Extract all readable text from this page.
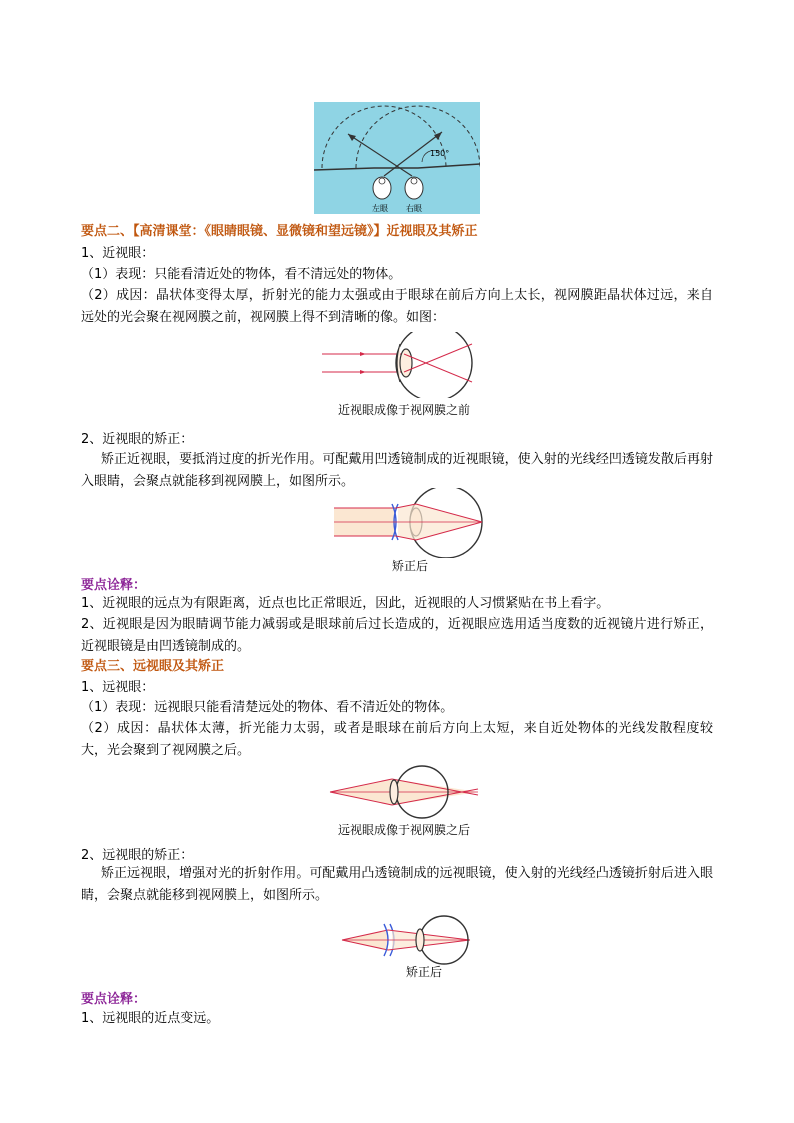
150°
左眼 右眼
要点二、【高清课堂：《眼睛眼镜、显微镜和望远镜》】近视眼及其矫正
1、近视眼：
（1）表现：只能看清近处的物体，看不清远处的物体。
（2）成因：晶状体变得太厚，折射光的能力太强或由于眼球在前后方向上太长，视网膜距晶状体过远，来自远处的光会聚在视网膜之前，视网膜上得不到清晰的像。如图：
近视眼成像于视网膜之前
2、近视眼的矫正：
矫正近视眼，要抵消过度的折光作用。可配戴用凹透镜制成的近视眼镜，使入射的光线经凹透镜发散后再射入眼睛，会聚点就能移到视网膜上，如图所示。
矫正后
要点诠释：
1、近视眼的远点为有限距离，近点也比正常眼近，因此，近视眼的人习惯紧贴在书上看字。
2、近视眼是因为眼睛调节能力减弱或是眼球前后过长造成的，近视眼应选用适当度数的近视镜片进行矫正，近视眼镜是由凹透镜制成的。
要点三、远视眼及其矫正
1、远视眼：
（1）表现：远视眼只能看清楚远处的物体、看不清近处的物体。
（2）成因：晶状体太薄，折光能力太弱，或者是眼球在前后方向上太短，来自近处物体的光线发散程度较大，光会聚到了视网膜之后。
远视眼成像于视网膜之后
2、远视眼的矫正：
矫正远视眼，增强对光的折射作用。可配戴用凸透镜制成的远视眼镜，使入射的光线经凸透镜折射后进入眼睛，会聚点就能移到视网膜上，如图所示。
矫正后
要点诠释：
1、远视眼的近点变远。
